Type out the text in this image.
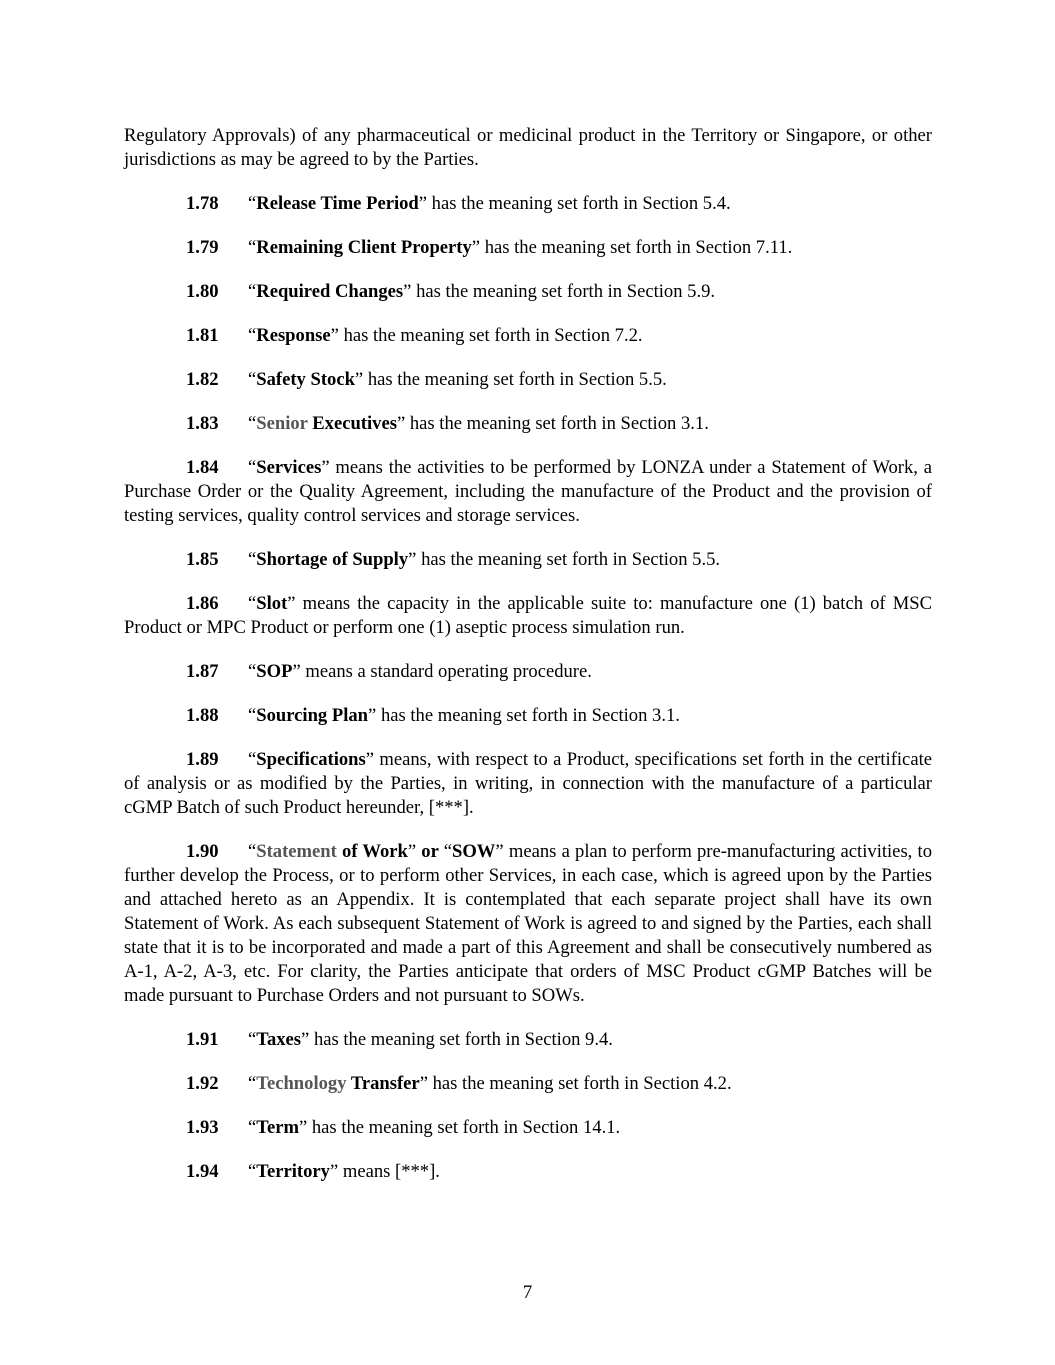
Regulatory Approvals) of any pharmaceutical or medicinal product in the Territory or Singapore, or other jurisdictions as may be agreed to by the Parties.

1.78 “Release Time Period” has the meaning set forth in Section 5.4.

1.79 “Remaining Client Property” has the meaning set forth in Section 7.11.

1.80 “Required Changes” has the meaning set forth in Section 5.9.

1.81 “Response” has the meaning set forth in Section 7.2.

1.82 “Safety Stock” has the meaning set forth in Section 5.5.

1.83 “Senior Executives” has the meaning set forth in Section 3.1.

1.84 “Services” means the activities to be performed by LONZA under a Statement of Work, a Purchase Order or the Quality Agreement, including the manufacture of the Product and the provision of testing services, quality control services and storage services.

1.85 “Shortage of Supply” has the meaning set forth in Section 5.5.

1.86 “Slot” means the capacity in the applicable suite to: manufacture one (1) batch of MSC Product or MPC Product or perform one (1) aseptic process simulation run.

1.87 “SOP” means a standard operating procedure.

1.88 “Sourcing Plan” has the meaning set forth in Section 3.1.

1.89 “Specifications” means, with respect to a Product, specifications set forth in the certificate of analysis or as modified by the Parties, in writing, in connection with the manufacture of a particular cGMP Batch of such Product hereunder, [***].

1.90 “Statement of Work” or “SOW” means a plan to perform pre-manufacturing activities, to further develop the Process, or to perform other Services, in each case, which is agreed upon by the Parties and attached hereto as an Appendix. It is contemplated that each separate project shall have its own Statement of Work. As each subsequent Statement of Work is agreed to and signed by the Parties, each shall state that it is to be incorporated and made a part of this Agreement and shall be consecutively numbered as A-1, A-2, A-3, etc. For clarity, the Parties anticipate that orders of MSC Product cGMP Batches will be made pursuant to Purchase Orders and not pursuant to SOWs.

1.91 “Taxes” has the meaning set forth in Section 9.4.

1.92 “Technology Transfer” has the meaning set forth in Section 4.2.

1.93 “Term” has the meaning set forth in Section 14.1.

1.94 “Territory” means [***].

7
